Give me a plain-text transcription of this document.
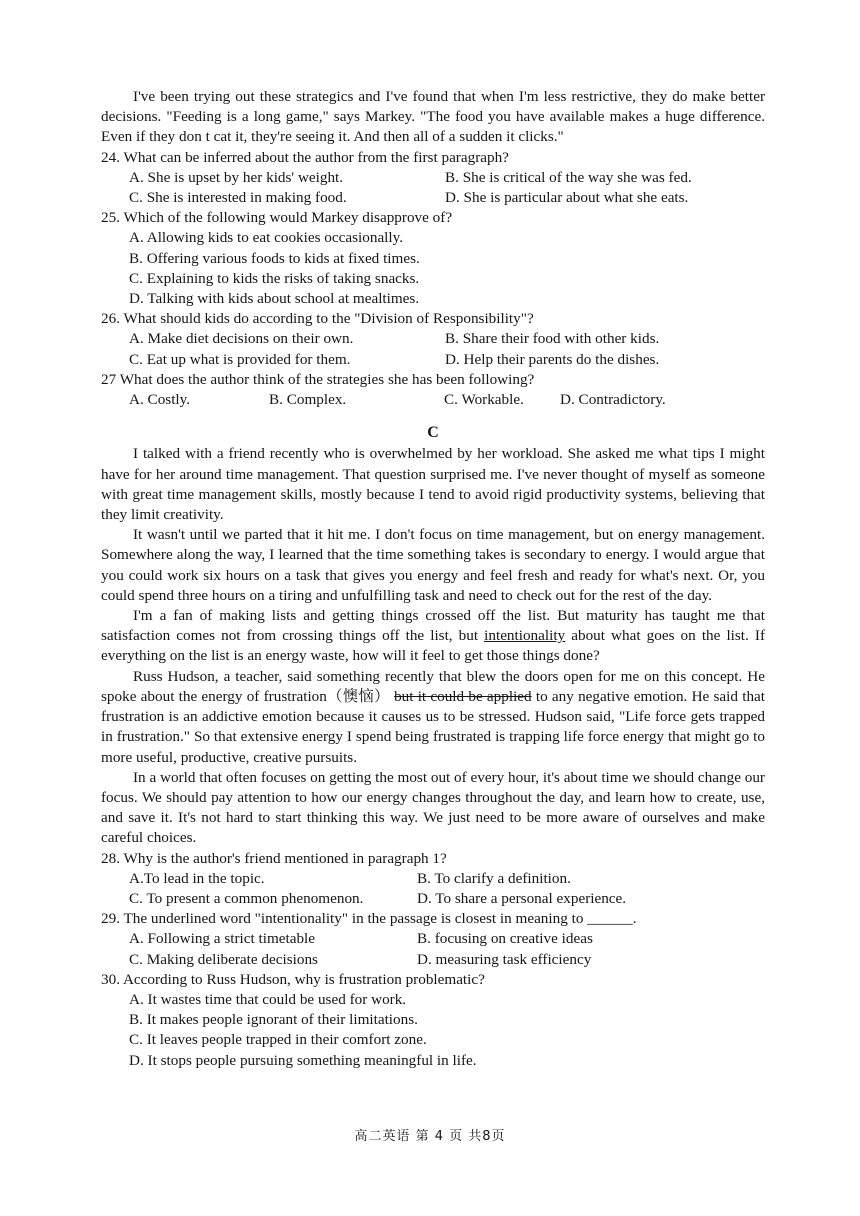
I've been trying out these strategics and I've found that when I'm less restrictive, they do make better decisions. "Feeding is a long game," says Markey. "The food you have available makes a huge difference. Even if they don t cat it, they're seeing it. And then all of a sudden it clicks."

24. What can be inferred about the author from the first paragraph?

A. She is upset by her kids' weight.	B. She is critical of the way she was fed.
C. She is interested in making food.	D. She is particular about what she eats.

25. Which of the following would Markey disapprove of?

A. Allowing kids to eat cookies occasionally.
B. Offering various foods to kids at fixed times.
C. Explaining to kids the risks of taking snacks.
D. Talking with kids about school at mealtimes.

26. What should kids do according to the "Division of Responsibility"?

A. Make diet decisions on their own.	B. Share their food with other kids.
C. Eat up what is provided for them.	D. Help their parents do the dishes.

27 What does the author think of the strategies she has been following?

A. Costly.	B. Complex.	C. Workable.	D. Contradictory.
C

I talked with a friend recently who is overwhelmed by her workload. She asked me what tips I might have for her around time management. That question surprised me. I've never thought of myself as someone with great time management skills, mostly because I tend to avoid rigid productivity systems, believing that they limit creativity.

It wasn't until we parted that it hit me. I don't focus on time management, but on energy management. Somewhere along the way, I learned that the time something takes is secondary to energy. I would argue that you could work six hours on a task that gives you energy and feel fresh and ready for what's next. Or, you could spend three hours on a tiring and unfulfilling task and need to check out for the rest of the day.

I'm a fan of making lists and getting things crossed off the list. But maturity has taught me that satisfaction comes not from crossing things off the list, but intentionality about what goes on the list. If everything on the list is an energy waste, how will it feel to get those things done?

Russ Hudson, a teacher, said something recently that blew the doors open for me on this concept. He spoke about the energy of frustration（懊恼） but it could be applied to any negative emotion. He said that frustration is an addictive emotion because it causes us to be stressed. Hudson said, "Life force gets trapped in frustration." So that extensive energy I spend being frustrated is trapping life force energy that might go to more useful, productive, creative pursuits.

In a world that often focuses on getting the most out of every hour, it's about time we should change our focus. We should pay attention to how our energy changes throughout the day, and learn how to create, use, and save it. It's not hard to start thinking this way. We just need to be more aware of ourselves and make careful choices.

28. Why is the author's friend mentioned in paragraph 1?

A.To lead in the topic.	B. To clarify a definition.
C. To present a common phenomenon.	D. To share a personal experience.

29. The underlined word "intentionality" in the passage is closest in meaning to ______.

A. Following a strict timetable	B. focusing on creative ideas
C. Making deliberate decisions	D. measuring task efficiency

30. According to Russ Hudson, why is frustration problematic?

A. It wastes time that could be used for work.
B. It makes people ignorant of their limitations.
C. It leaves people trapped in their comfort zone.
D. It stops people pursuing something meaningful in life.
高二英语 第 4 页 共8页
